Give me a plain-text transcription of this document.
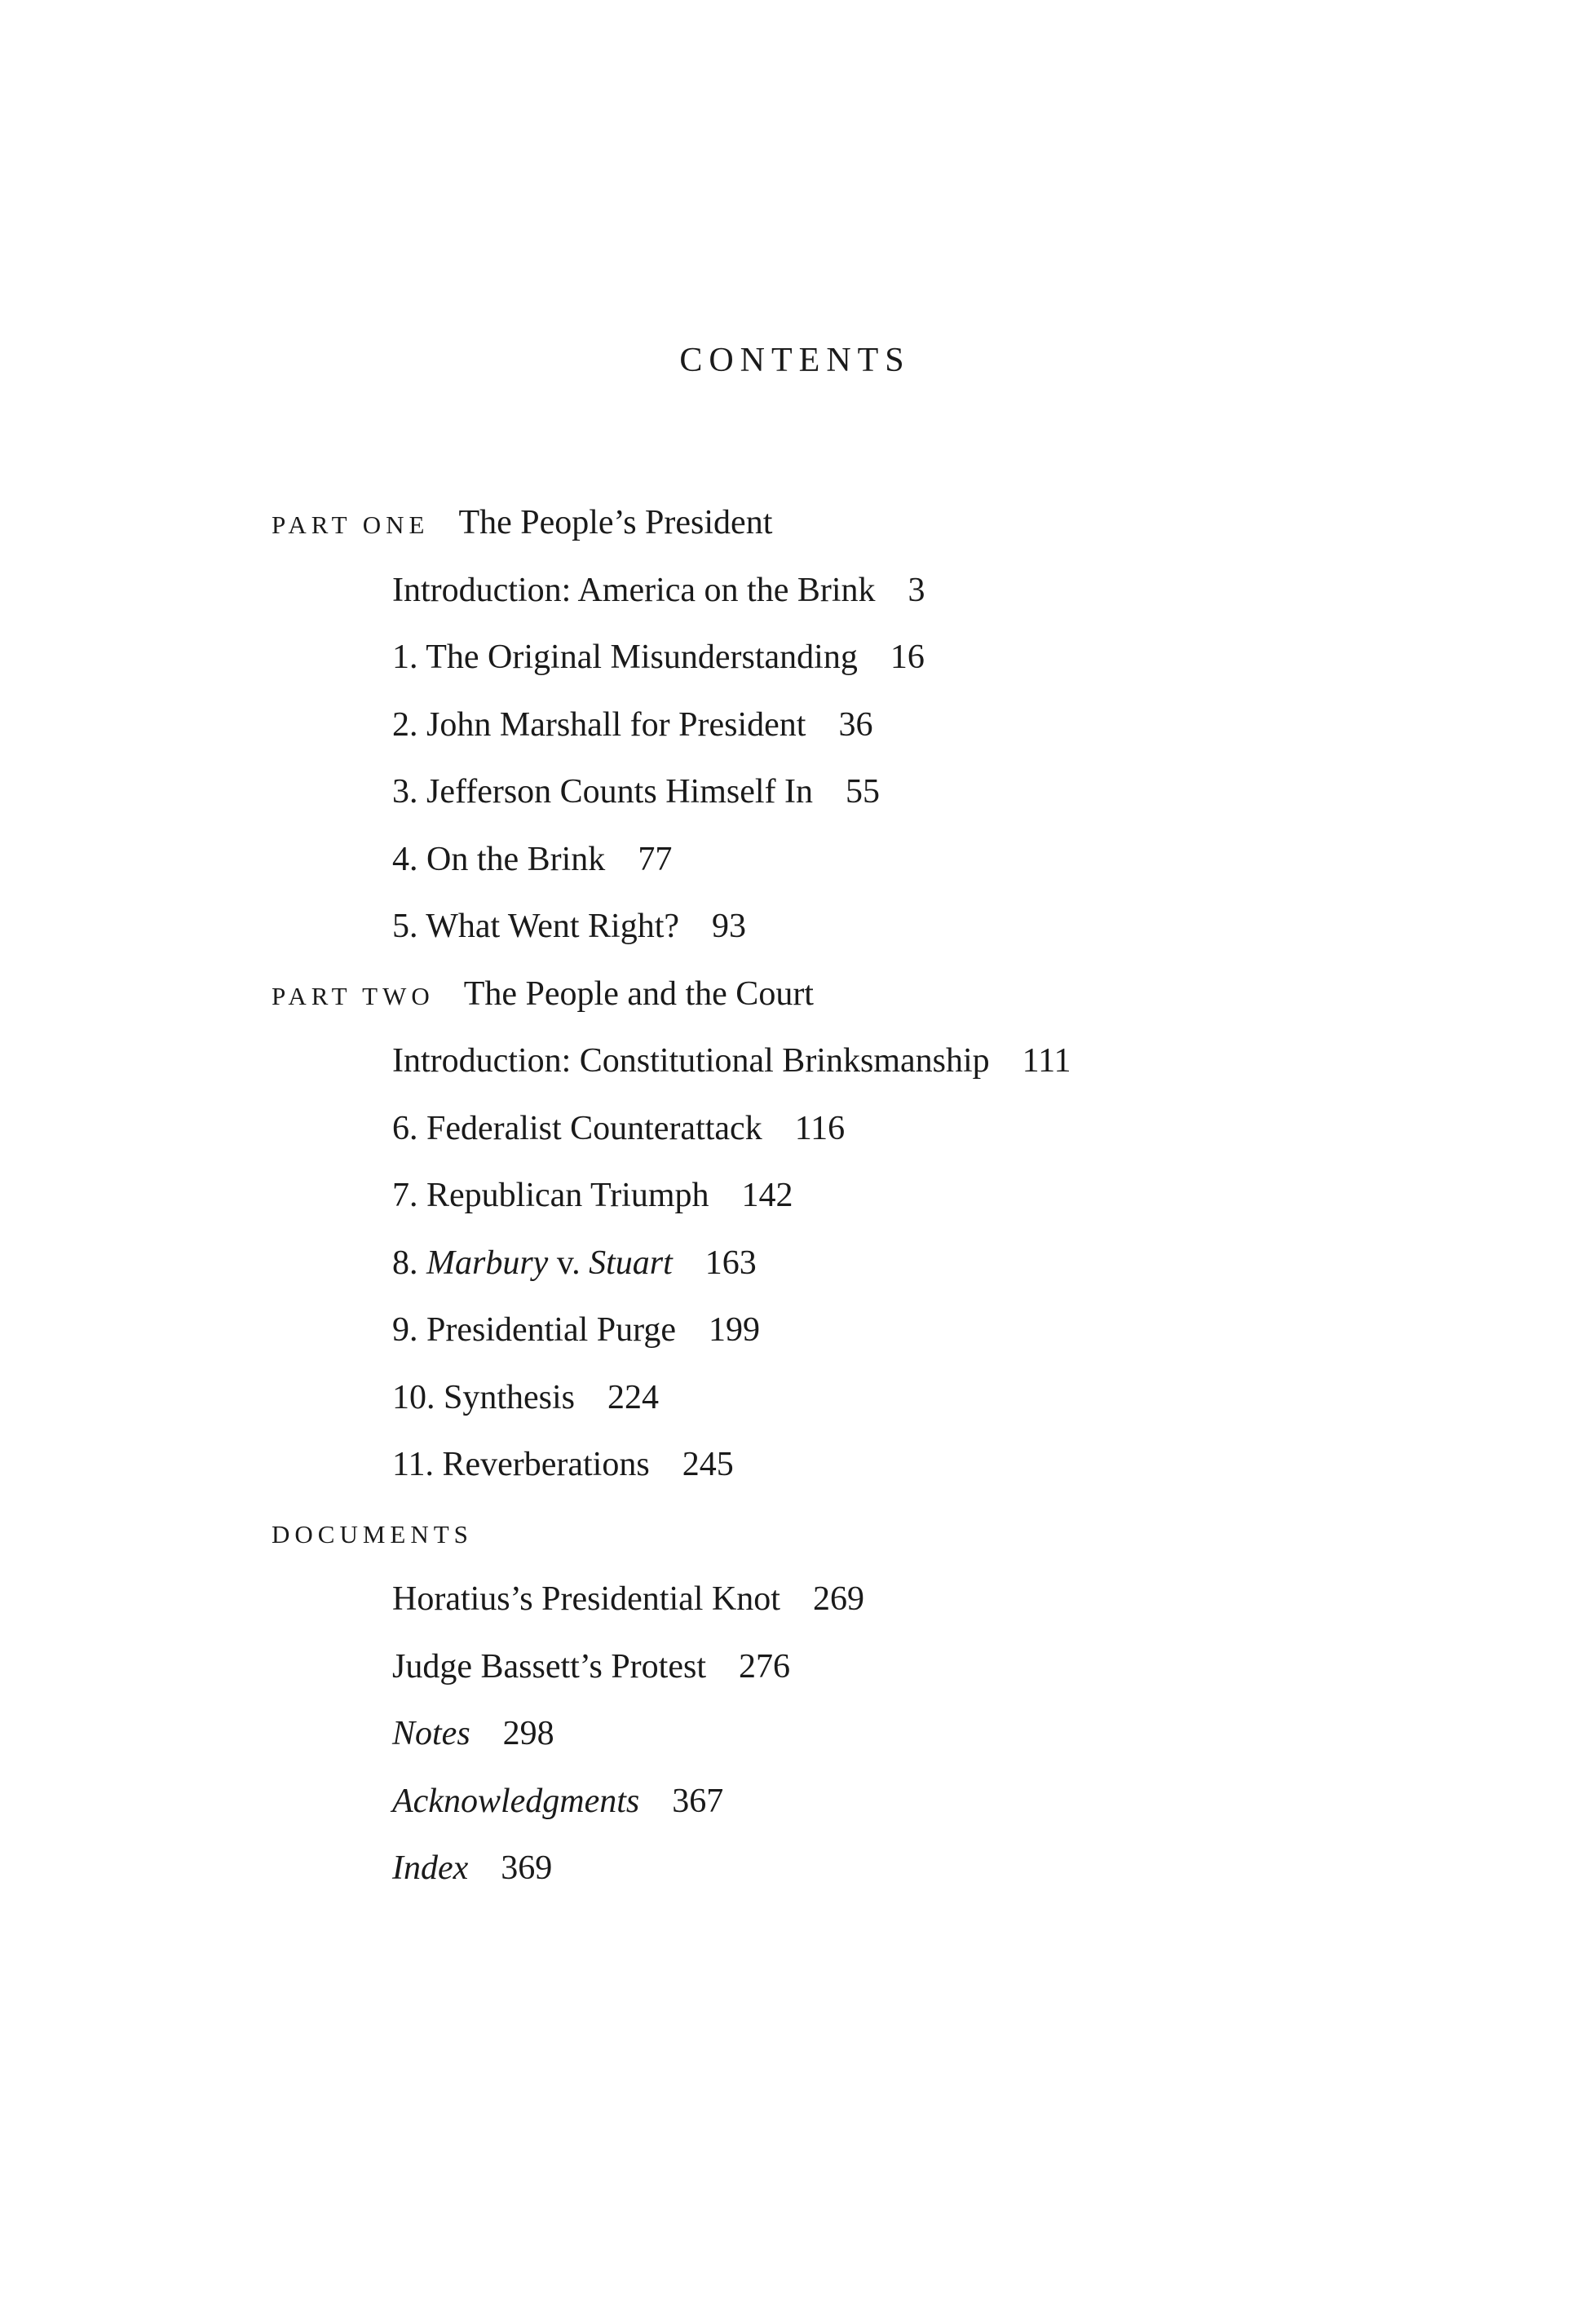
CONTENTS
PART ONE The People’s President
Introduction: America on the Brink 3
1. The Original Misunderstanding 16
2. John Marshall for President 36
3. Jefferson Counts Himself In 55
4. On the Brink 77
5. What Went Right? 93
PART TWO The People and the Court
Introduction: Constitutional Brinksmanship 111
6. Federalist Counterattack 116
7. Republican Triumph 142
8. Marbury v. Stuart 163
9. Presidential Purge 199
10. Synthesis 224
11. Reverberations 245
DOCUMENTS
Horatius’s Presidential Knot 269
Judge Bassett’s Protest 276
Notes 298
Acknowledgments 367
Index 369
